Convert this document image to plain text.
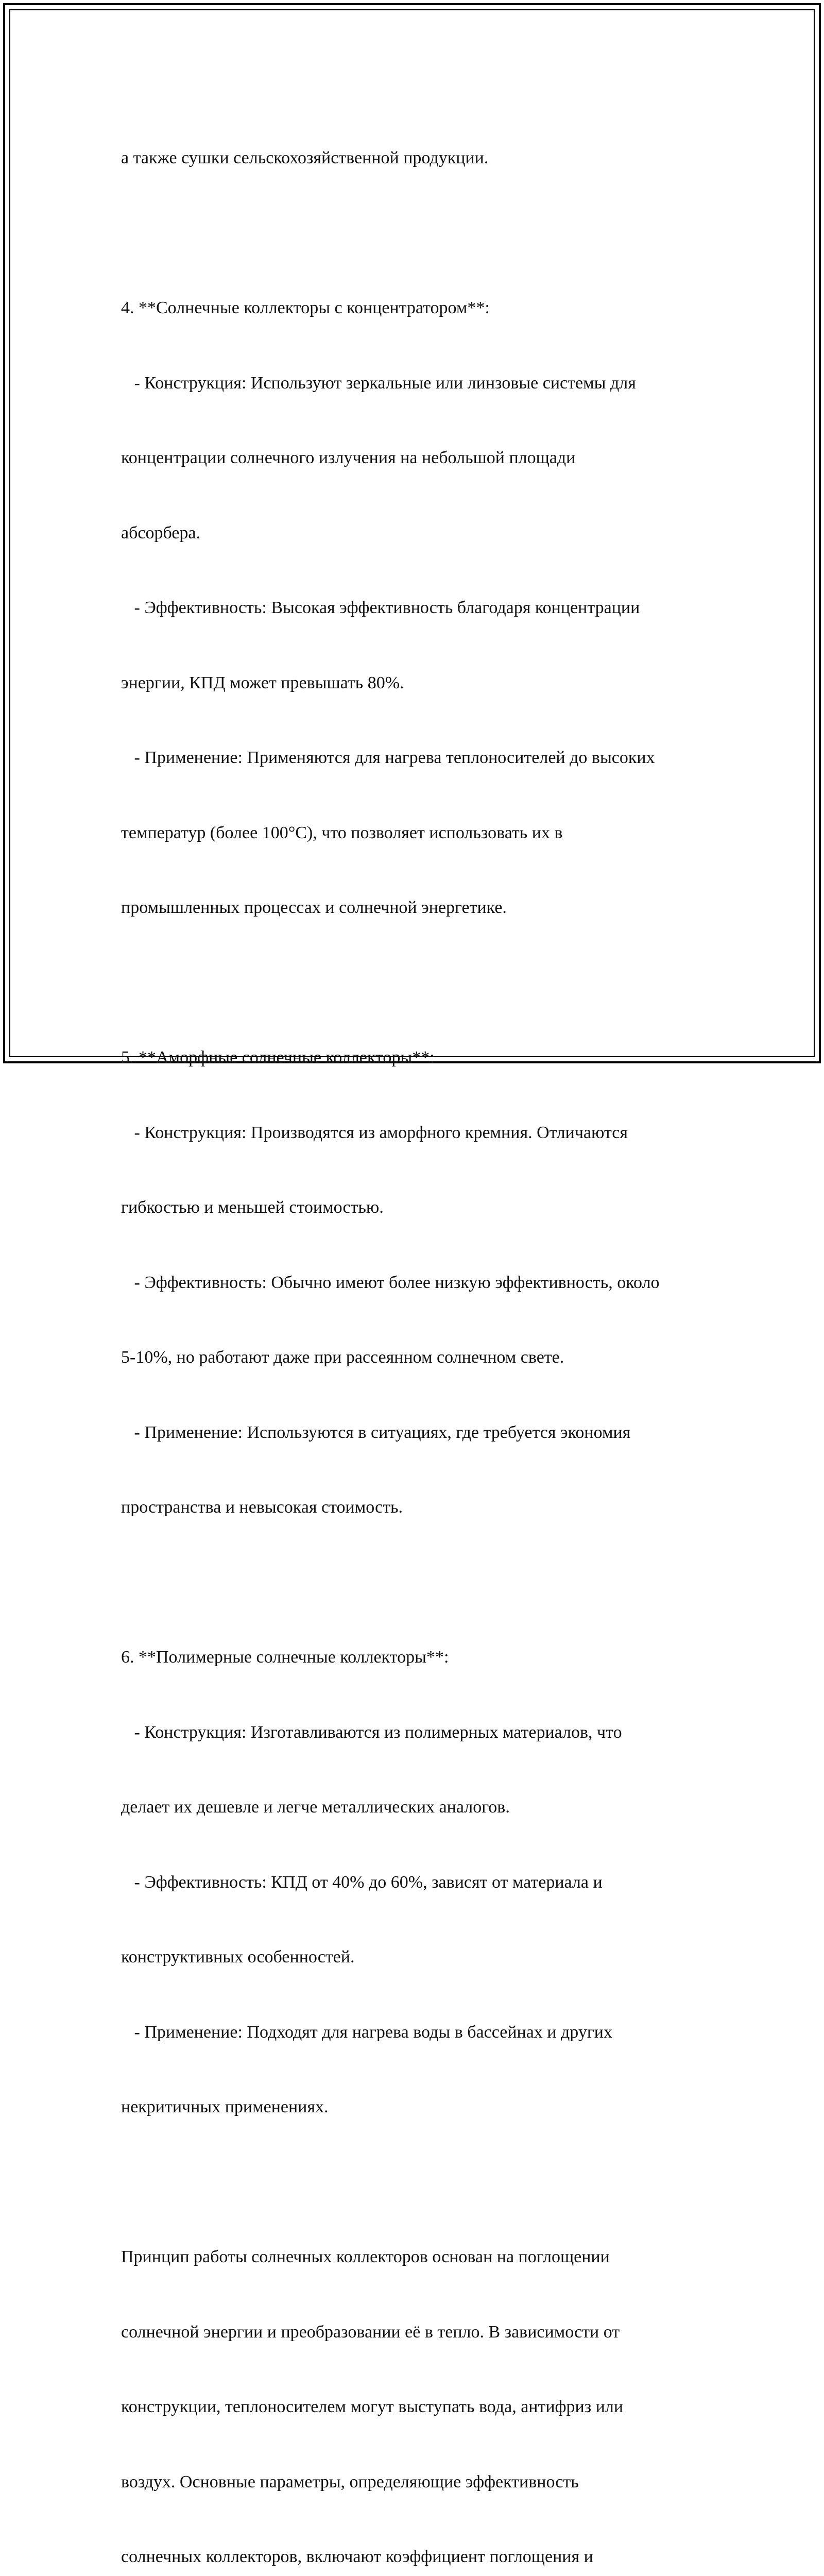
а также сушки сельскохозяйственной продукции.

4. **Солнечные коллекторы с концентратором**:

- Конструкция: Используют зеркальные или линзовые системы для

концентрации солнечного излучения на небольшой площади

абсорбера.

- Эффективность: Высокая эффективность благодаря концентрации

энергии, КПД может превышать 80%.

- Применение: Применяются для нагрева теплоносителей до высоких

температур (более 100°C), что позволяет использовать их в

промышленных процессах и солнечной энергетике.

5. **Аморфные солнечные коллекторы**:

- Конструкция: Производятся из аморфного кремния. Отличаются

гибкостью и меньшей стоимостью.

- Эффективность: Обычно имеют более низкую эффективность, около

5-10%, но работают даже при рассеянном солнечном свете.

- Применение: Используются в ситуациях, где требуется экономия

пространства и невысокая стоимость.

6. **Полимерные солнечные коллекторы**:

- Конструкция: Изготавливаются из полимерных материалов, что

делает их дешевле и легче металлических аналогов.

- Эффективность: КПД от 40% до 60%, зависят от материала и

конструктивных особенностей.

- Применение: Подходят для нагрева воды в бассейнах и других

некритичных применениях.

Принцип работы солнечных коллекторов основан на поглощении

солнечной энергии и преобразовании её в тепло. В зависимости от

конструкции, теплоносителем могут выступать вода, антифриз или

воздух. Основные параметры, определяющие эффективность

солнечных коллекторов, включают коэффициент поглощения и
